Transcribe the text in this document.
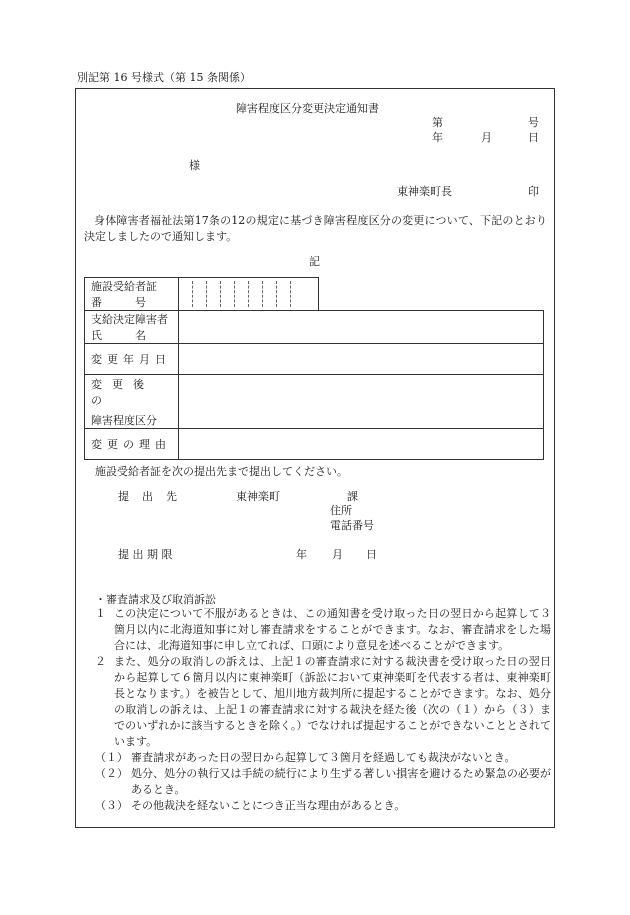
別記第 16 号様式（第 15 条関係）
障害程度区分変更決定通知書
第	号
年	月	日
様
東神楽町長	印
身体障害者福祉法第17条の12の規定に基づき障害程度区分の変更について、下記のとおり決定しましたので通知します。
記
施設受給者証
番　　　号

支給決定障害者
氏　　　名	

変更年月日	

変更後の
障害程度区分	

変更の理由	

施設受給者証を次の提出先まで提出してください。
提　出　先	東神楽町	課
住所
電話番号
提 出 期 限	年 月 日
・審査請求及び取消訴訟
１ この決定について不服があるときは、この通知書を受け取った日の翌日から起算して３箇月以内に北海道知事に対し審査請求をすることができます。なお、審査請求をした場合には、北海道知事に申し立てれば、口頭により意見を述べることができます。
２ また、処分の取消しの訴えは、上記１の審査請求に対する裁決書を受け取った日の翌日から起算して６箇月以内に東神楽町（訴訟において東神楽町を代表する者は、東神楽町長となります。）を被告として、旭川地方裁判所に提起することができます。なお、処分の取消しの訴えは、上記１の審査請求に対する裁決を経た後（次の（１）から（３）までのいずれかに該当するときを除く。）でなければ提起することができないこととされています。
（１） 審査請求があった日の翌日から起算して３箇月を経過しても裁決がないとき。
（２） 処分、処分の執行又は手続の続行により生ずる著しい損害を避けるため緊急の必要があるとき。
（３） その他裁決を経ないことにつき正当な理由があるとき。
